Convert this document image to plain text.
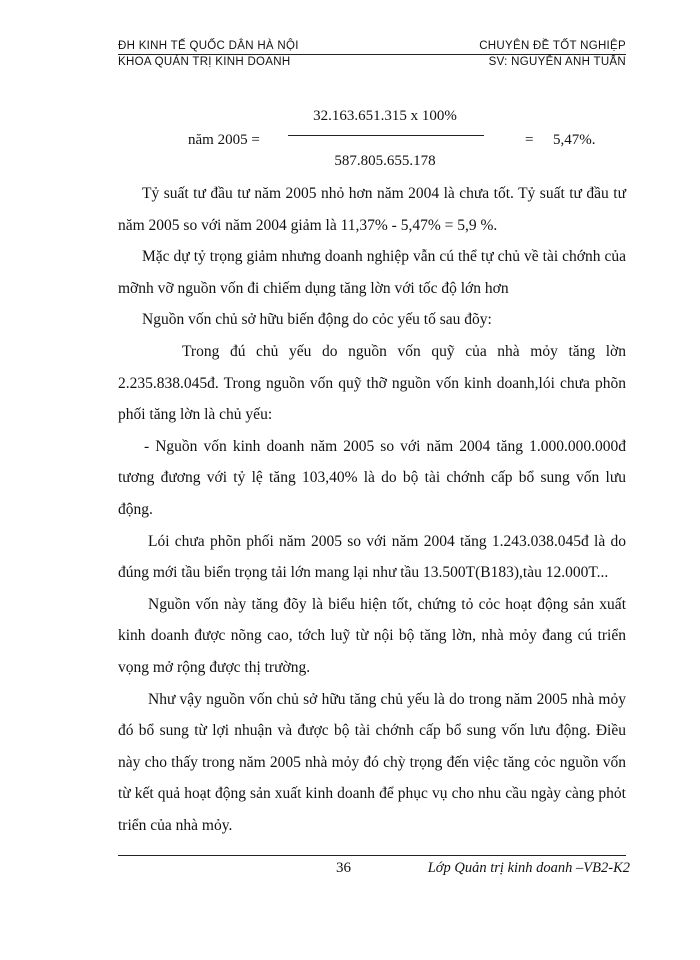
ĐH KINH TẾ QUỐC DÂN HÀ NỘI	CHUYÊN ĐỀ TỐT NGHIỆP
KHOA QUẢN TRỊ KINH DOANH	SV: NGUYỄN ANH TUẤN
32.163.651.315 x 100%
năm 2005 =	= 5,47%.
587.805.655.178

Tỷ suất tư đầu tư năm 2005 nhỏ hơn năm 2004 là chưa tốt. Tỷ suất tư đầu tư năm 2005 so với năm 2004 giảm là 11,37% - 5,47% = 5,9 %.

Mặc dự tỷ trọng giảm nhưng doanh nghiệp vẫn cú thể tự chủ về tài chớnh của mỡnh vỡ nguồn vốn đi chiếm dụng tăng lờn với tốc độ lớn hơn

Nguồn vốn chủ sở hữu biến động do cỏc yếu tố sau đõy:

Trong đú chủ yếu do nguồn vốn quỹ của nhà mỏy tăng lờn 2.235.838.045đ. Trong nguồn vốn quỹ thỡ nguồn vốn kinh doanh,lói chưa phõn phối tăng lờn là chủ yếu:

- Nguồn vốn kinh doanh năm 2005 so với năm 2004 tăng 1.000.000.000đ tương đương với tỷ lệ tăng 103,40% là do bộ tài chớnh cấp bổ sung vốn lưu động.

Lói chưa phõn phối năm 2005 so với năm 2004 tăng 1.243.038.045đ là do đúng mới tầu biển trọng tải lớn mang lại như tầu 13.500T(B183),tàu 12.000T...

Nguồn vốn này tăng đõy là biểu hiện tốt, chứng tỏ cỏc hoạt động sản xuất kinh doanh được nõng cao, tớch luỹ từ nội bộ tăng lờn, nhà mỏy đang cú triển vọng mở rộng được thị trường.

Như vậy nguồn vốn chủ sở hữu tăng chủ yếu là do trong năm 2005 nhà mỏy đó bổ sung từ lợi nhuận và được bộ tài chớnh cấp bổ sung vốn lưu động. Điều này cho thấy trong năm 2005 nhà mỏy đó chỳ trọng đến việc tăng cỏc nguồn vốn từ kết quả hoạt động sản xuất kinh doanh để phục vụ cho nhu cầu ngày càng phỏt triển của nhà mỏy.

36	Lớp Quản trị kinh doanh –VB2-K2
